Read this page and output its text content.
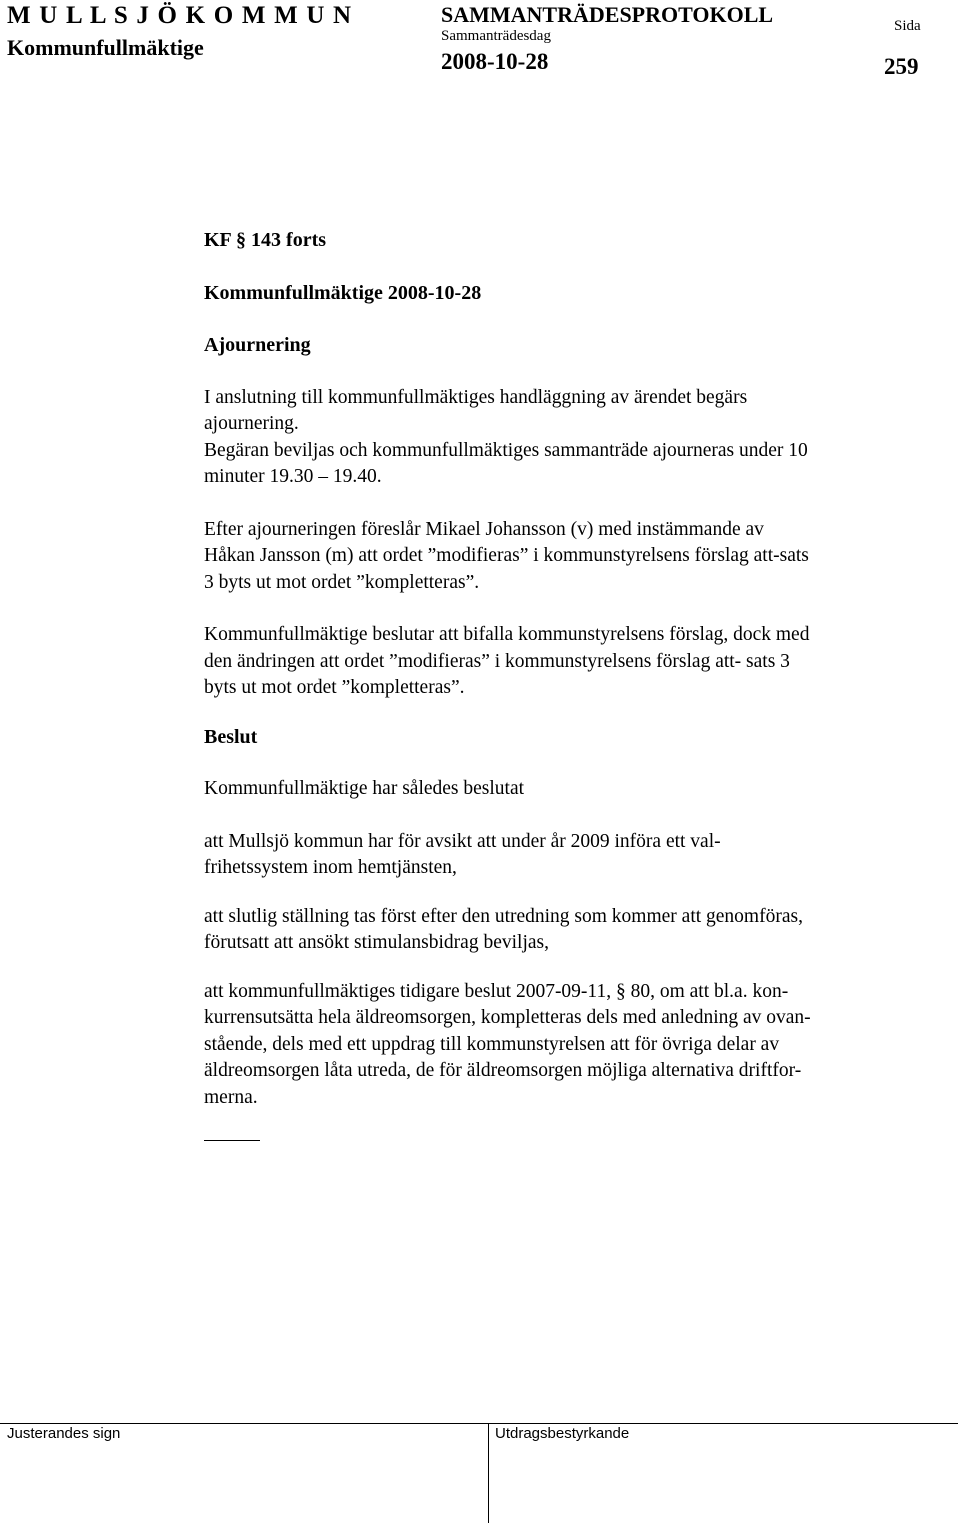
M U L L S J Ö K O M M U N
Kommunfullmäktige
SAMMANTRÄDESPROTOKOLL
Sammanträdesdag
2008-10-28
Sida
259

KF § 143 forts

Kommunfullmäktige 2008-10-28

Ajournering

I anslutning till kommunfullmäktiges handläggning av ärendet begärs
ajournering.
Begäran beviljas och kommunfullmäktiges sammanträde ajourneras under 10
minuter 19.30 – 19.40.

Efter ajourneringen föreslår Mikael Johansson (v) med instämmande av
Håkan Jansson (m) att ordet ”modifieras” i kommunstyrelsens förslag att-sats
3 byts ut mot ordet ”kompletteras”.

Kommunfullmäktige beslutar att bifalla kommunstyrelsens förslag, dock med
den ändringen att ordet ”modifieras” i kommunstyrelsens förslag att- sats 3
byts ut mot ordet ”kompletteras”.

Beslut

Kommunfullmäktige har således beslutat

att Mullsjö kommun har för avsikt att under år 2009 införa ett val-
frihetssystem inom hemtjänsten,

att slutlig ställning tas först efter den utredning som kommer att genomföras,
förutsatt att ansökt stimulansbidrag beviljas,

att kommunfullmäktiges tidigare beslut 2007-09-11, § 80, om att bl.a. kon-
kurrensutsätta hela äldreomsorgen, kompletteras dels med anledning av ovan-
stående, dels med ett uppdrag till kommunstyrelsen att för övriga delar av
äldreomsorgen låta utreda, de för äldreomsorgen möjliga alternativa driftfor-
merna.

Justerandes sign	Utdragsbestyrkande
